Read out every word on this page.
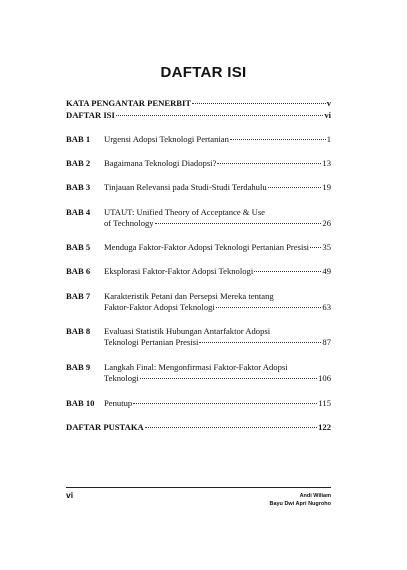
DAFTAR ISI
KATA PENGANTAR PENERBIT	v
DAFTAR ISI	vi
BAB 1 Urgensi Adopsi Teknologi Pertanian	1
BAB 2 Bagaimana Teknologi Diadopsi?	13
BAB 3 Tinjauan Relevansi pada Studi-Studi Terdahulu	19
BAB 4 UTAUT: Unified Theory of Acceptance & Use
of Technology	26
BAB 5 Menduga Faktor-Faktor Adopsi Teknologi Pertanian Presisi 35
BAB 6 Eksplorasi Faktor-Faktor Adopsi Teknologi	49
BAB 7 Karakteristik Petani dan Persepsi Mereka tentang
Faktor-Faktor Adopsi Teknologi	63
BAB 8 Evaluasi Statistik Hubungan Antarfaktor Adopsi
Teknologi Pertanian Presisi	87
BAB 9 Langkah Final: Mengonfirmasi Faktor-Faktor Adopsi
Teknologi	106
BAB 10 Penutup	115
DAFTAR PUSTAKA	122
vi	Andi Wiliam
Bayu Dwi Apri Nugroho
